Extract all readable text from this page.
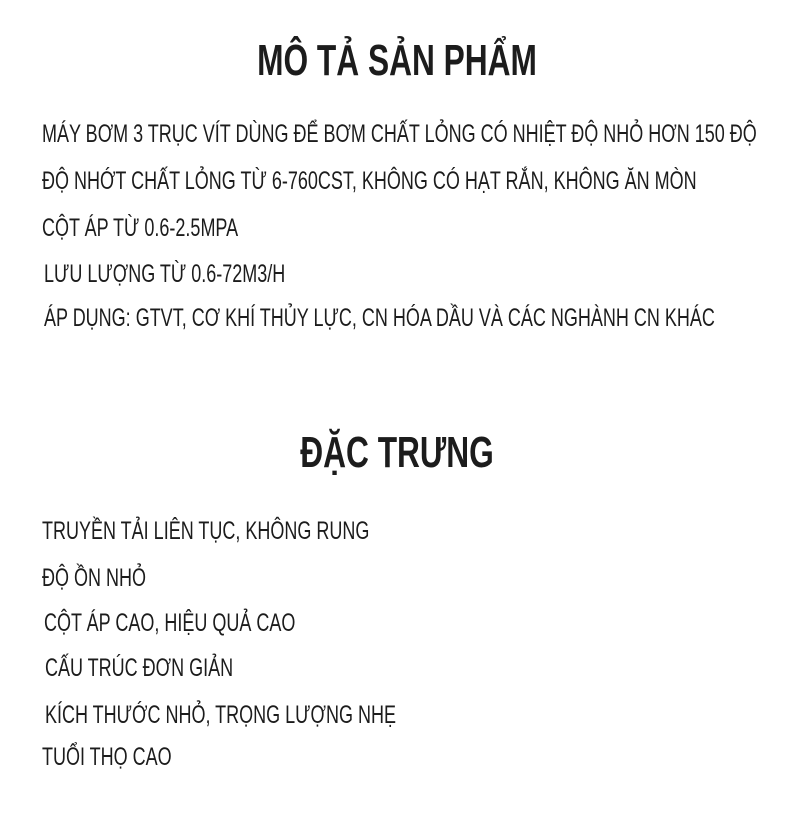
MÔ TẢ SẢN PHẨM
MÁY BƠM 3 TRỤC VÍT DÙNG ĐỂ BƠM CHẤT LỎNG CÓ NHIỆT ĐỘ NHỎ HƠN 150 ĐỘ
ĐỘ NHỚT CHẤT LỎNG TỪ 6-760CST, KHÔNG CÓ HẠT RẮN, KHÔNG ĂN MÒN
CỘT ÁP TỪ 0.6-2.5MPA
LƯU LƯỢNG TỪ 0.6-72M3/H
ÁP DỤNG: GTVT, CƠ KHÍ THỦY LỰC, CN HÓA DẦU VÀ CÁC NGHÀNH CN KHÁC
ĐẶC TRƯNG
TRUYỀN TẢI LIÊN TỤC, KHÔNG RUNG
ĐỘ ỒN NHỎ
CỘT ÁP CAO, HIỆU QUẢ CAO
CẤU TRÚC ĐƠN GIẢN
KÍCH THƯỚC NHỎ, TRỌNG LƯỢNG NHẸ
TUỔI THỌ CAO
